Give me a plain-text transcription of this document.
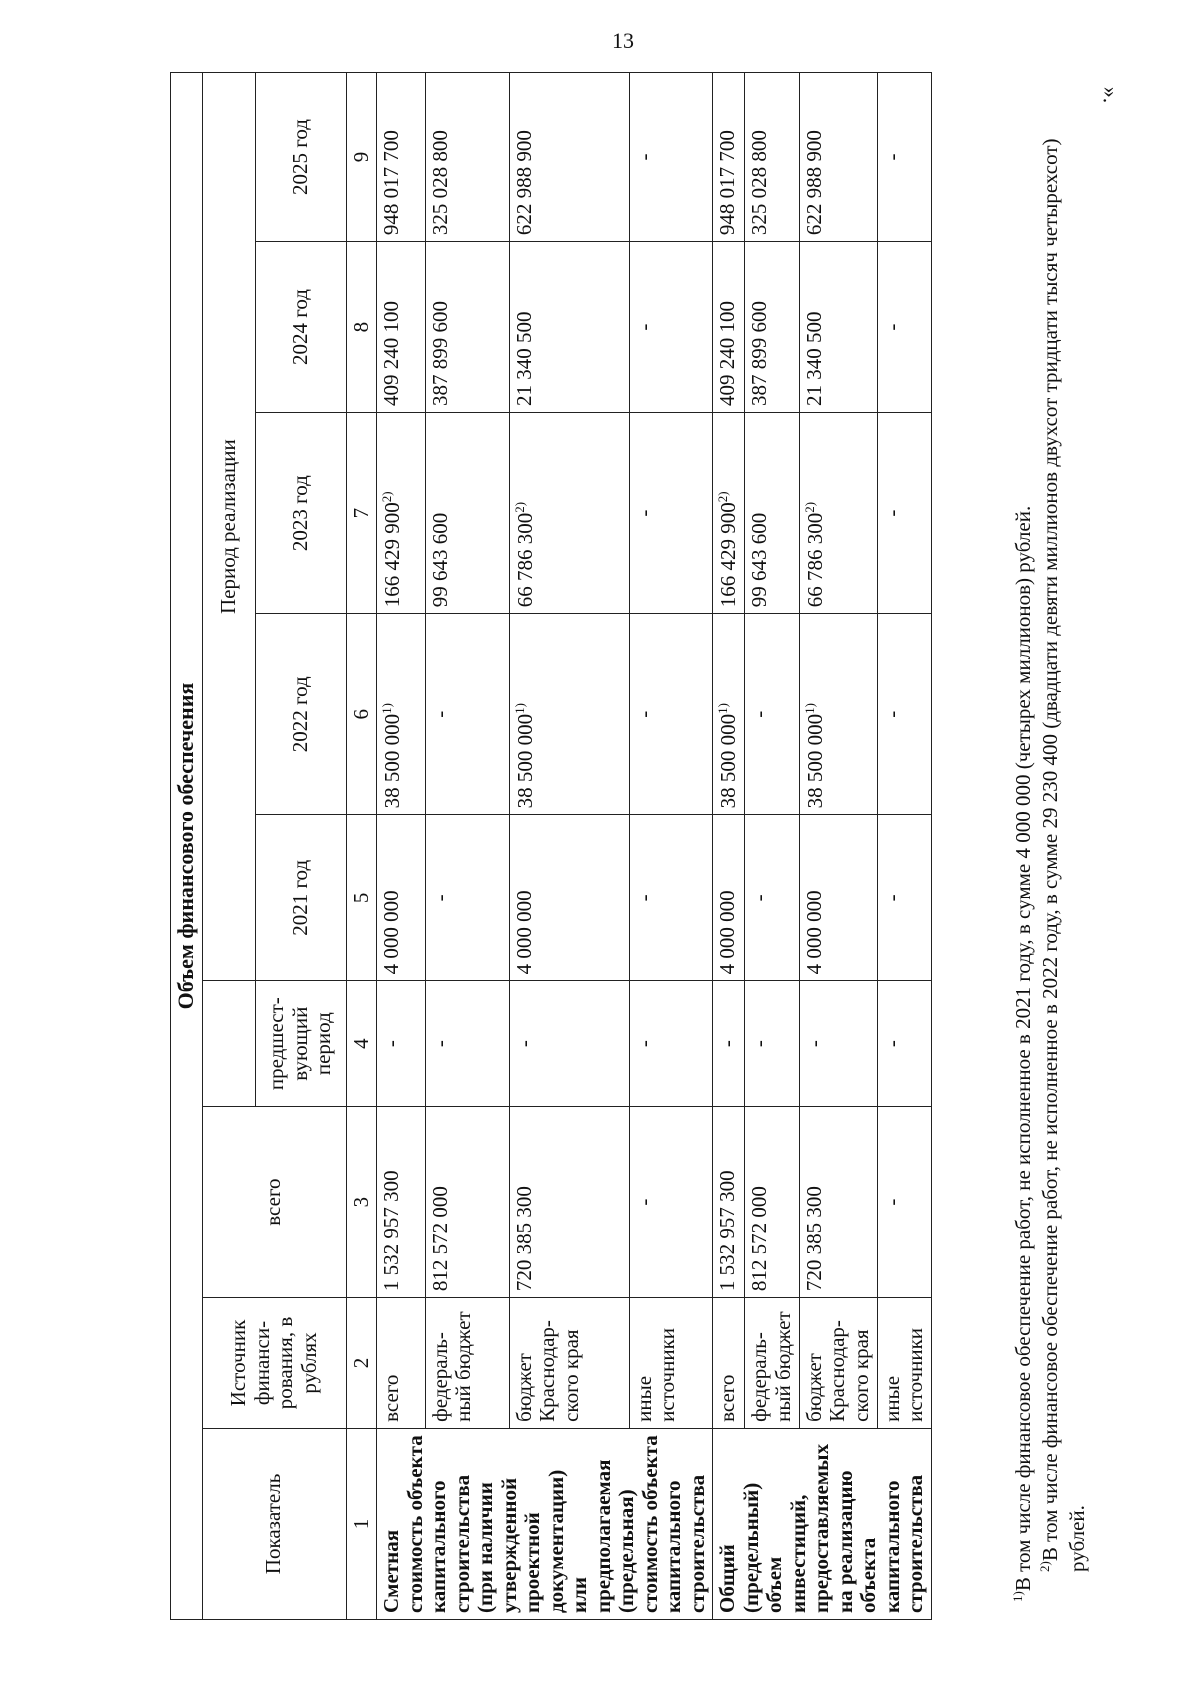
13
».
Объем финансового обеспечения								
Показатель	Источник финанси-рования, в рублях	всего		Период реализации				
			предшест-вующий период	2021 год	2022 год	2023 год	2024 год	2025 год
1	2	3	4	5	6	7	8	9
Сметная стоимость объекта капитального строительства (при наличии утвержденной проектной документации) или предполагаемая (предельная) стоимость объекта капитального строительства	всего	1 532 957 300	-	4 000 000	38 500 000$^{1)}$	166 429 900$^{2)}$	409 240 100	948 017 700
	федераль-ный бюджет	812 572 000	-	-	-	99 643 600	387 899 600	325 028 800
	бюджет Краснодар-ского края	720 385 300	-	4 000 000	38 500 000$^{1)}$	66 786 300$^{2)}$	21 340 500	622 988 900
	иные источники	-	-	-	-	-	-	-
Общий (предельный) объем инвестиций, предоставляемых на реализацию объекта капитального строительства	всего	1 532 957 300	-	4 000 000	38 500 000$^{1)}$	166 429 900$^{2)}$	409 240 100	948 017 700
	федераль-ный бюджет	812 572 000	-	-	-	99 643 600	387 899 600	325 028 800
	бюджет Краснодар-ского края	720 385 300	-	4 000 000	38 500 000$^{1)}$	66 786 300$^{2)}$	21 340 500	622 988 900
	иные источники	-	-	-	-	-	-	-

$^{1)}$В том числе финансовое обеспечение работ, не исполненное в 2021 году, в сумме 4 000 000 (четырех миллионов) рублей. $^{2)}$В том числе финансовое обеспечение работ, не исполненное в 2022 году, в сумме 29 230 400 (двадцати девяти миллионов двухсот тридцати тысяч четырехсот) рублей.
